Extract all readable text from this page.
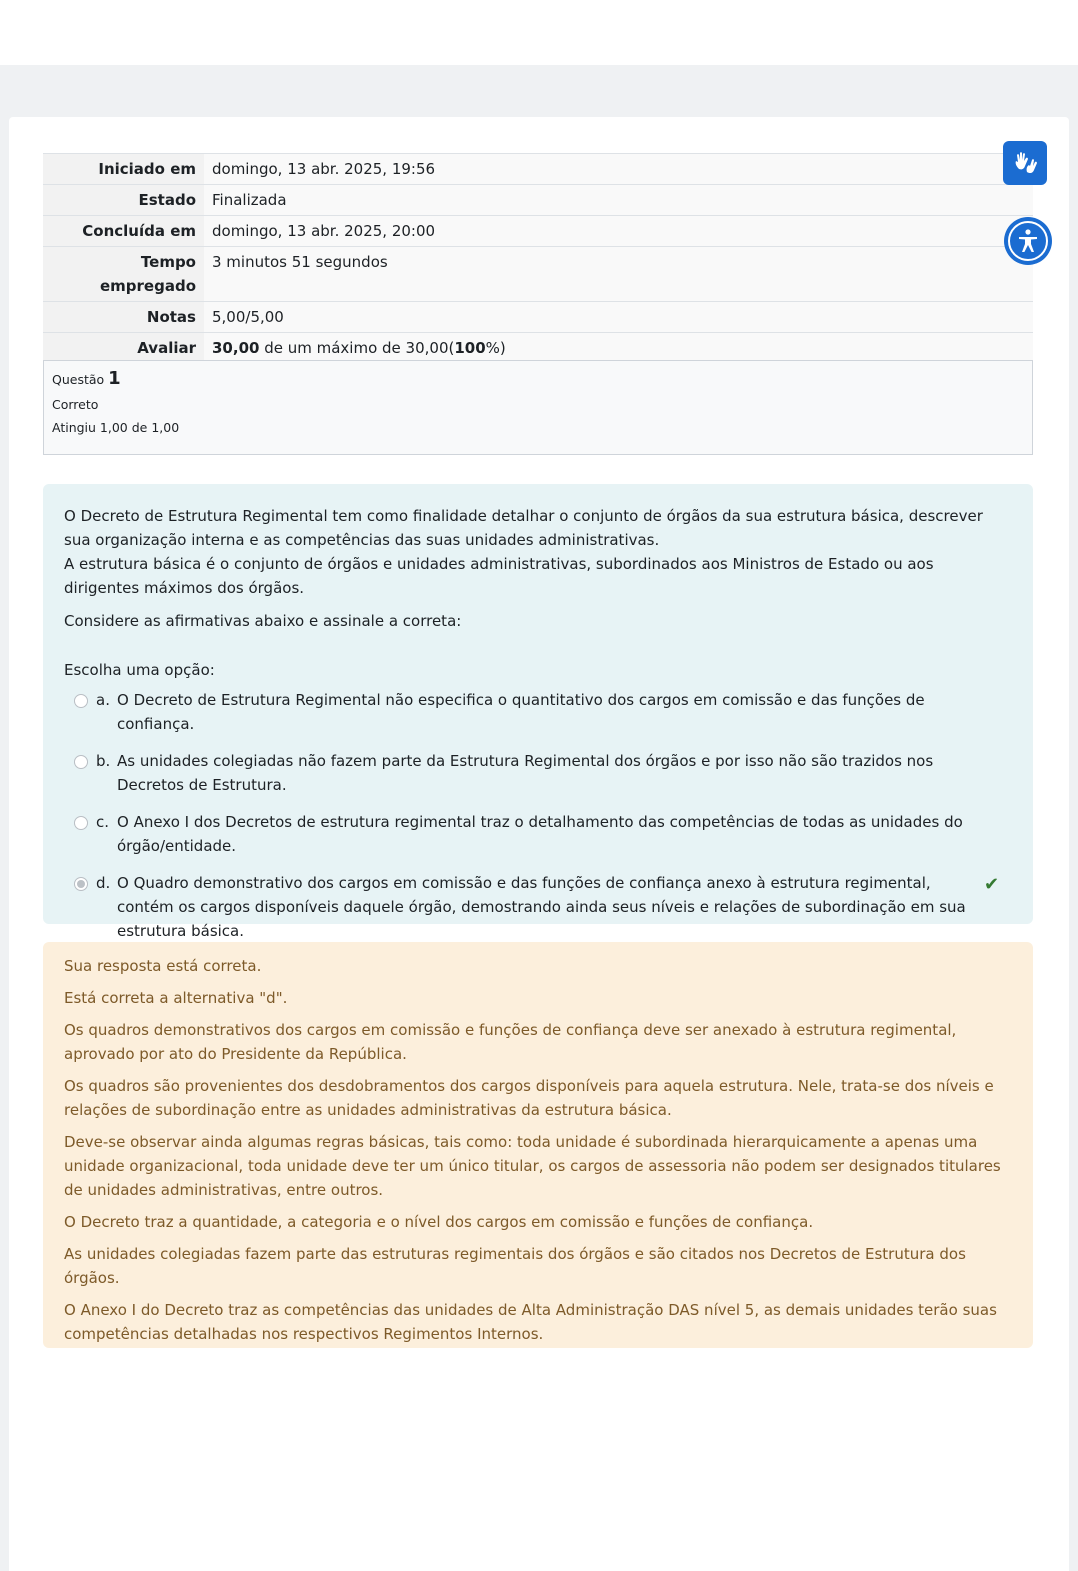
Iniciado em	domingo, 13 abr. 2025, 19:56
Estado	Finalizada
Concluída em	domingo, 13 abr. 2025, 20:00
Tempo empregado	3 minutos 51 segundos
Notas	5,00/5,00
Avaliar	30,00 de um máximo de 30,00(100%)
Questão 1
Correto
Atingiu 1,00 de 1,00

O Decreto de Estrutura Regimental tem como finalidade detalhar o conjunto de órgãos da sua estrutura básica, descrever sua organização interna e as competências das suas unidades administrativas.

A estrutura básica é o conjunto de órgãos e unidades administrativas, subordinados aos Ministros de Estado ou aos dirigentes máximos dos órgãos.

Considere as afirmativas abaixo e assinale a correta:

Escolha uma opção:

a. O Decreto de Estrutura Regimental não especifica o quantitativo dos cargos em comissão e das funções de confiança.
b. As unidades colegiadas não fazem parte da Estrutura Regimental dos órgãos e por isso não são trazidos nos Decretos de Estrutura.
c. O Anexo I dos Decretos de estrutura regimental traz o detalhamento das competências de todas as unidades do órgão/entidade.
d. O Quadro demonstrativo dos cargos em comissão e das funções de confiança anexo à estrutura regimental, contém os cargos disponíveis daquele órgão, demostrando ainda seus níveis e relações de subordinação em sua estrutura básica.
✔

Sua resposta está correta.

Está correta a alternativa "d".

Os quadros demonstrativos dos cargos em comissão e funções de confiança deve ser anexado à estrutura regimental, aprovado por ato do Presidente da República.

Os quadros são provenientes dos desdobramentos dos cargos disponíveis para aquela estrutura. Nele, trata-se dos níveis e relações de subordinação entre as unidades administrativas da estrutura básica.

Deve-se observar ainda algumas regras básicas, tais como: toda unidade é subordinada hierarquicamente a apenas uma unidade organizacional, toda unidade deve ter um único titular, os cargos de assessoria não podem ser designados titulares de unidades administrativas, entre outros.

O Decreto traz a quantidade, a categoria e o nível dos cargos em comissão e funções de confiança.

As unidades colegiadas fazem parte das estruturas regimentais dos órgãos e são citados nos Decretos de Estrutura dos órgãos.

O Anexo I do Decreto traz as competências das unidades de Alta Administração DAS nível 5, as demais unidades terão suas competências detalhadas nos respectivos Regimentos Internos.
